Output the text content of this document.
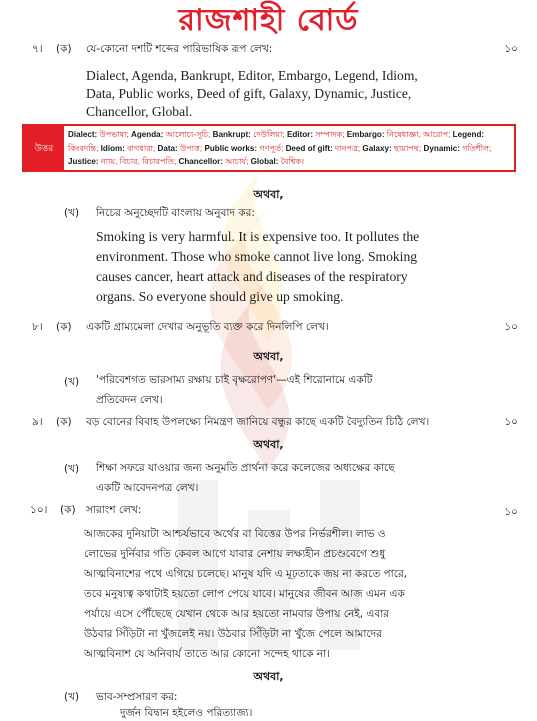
রাজশাহী বোর্ড
৭। (ক) যে-কোনো দশটি শব্দের পারিভাষিক রূপ লেখ:	১০
Dialect, Agenda, Bankrupt, Editor, Embargo, Legend, Idiom,
Data, Public works, Deed of gift, Galaxy, Dynamic, Justice,
Chancellor, Global.
উত্তর
Dialect: উপভাষা; Agenda: আলোচ্য-সূচি; Bankrupt: দেউলিয়া; Editor: সম্পাদক; Embargo: নিষেধাজ্ঞা, আরোপ; Legend: কিংবদন্তি; Idiom: বাগধারা; Data: উপাত্ত; Public works: গণপূর্ত; Deed of gift: দানপত্র; Galaxy: ছায়াপথ; Dynamic: গতিশীল; Justice: ন্যায়, বিচার, বিচারপতি; Chancellor: আচার্য; Global: বৈশ্বিক।
অথবা,
(খ) নিচের অনুচ্ছেদটি বাংলায় অনুবাদ কর:
Smoking is very harmful. It is expensive too. It pollutes the
environment. Those who smoke cannot live long. Smoking
causes cancer, heart attack and diseases of the respiratory
organs. So everyone should give up smoking.
৮। (ক) একটি গ্রাম্যমেলা দেখার অনুভূতি ব্যক্ত করে দিনলিপি লেখ।	১০
অথবা,
(খ) 'পরিবেশগত ভারসাম্য রক্ষায় চাই বৃক্ষরোপণ'—এই শিরোনামে একটি
প্রতিবেদন লেখ।
৯। (ক) বড় বোনের বিবাহ উপলক্ষ্যে নিমন্ত্রণ জানিয়ে বন্ধুর কাছে একটি বৈদ্যুতিন চিঠি লেখ।	১০
অথবা,
(খ) শিক্ষা সফরে যাওয়ার জন্য অনুমতি প্রার্থনা করে কলেজের অধ্যক্ষের কাছে
একটি আবেদনপত্র লেখ।
১০। (ক) সারাংশ লেখ:	১০
আজকের দুনিয়াটা আশ্চর্যভাবে অর্থের বা বিত্তের উপর নির্ভরশীল। লাভ ও
লোভের দুর্নিবার গতি কেবল আগে যাবার নেশায় লক্ষ্যহীন প্রচণ্ডবেগে শুধু
আত্মবিনাশের পথে এগিয়ে চলেছে। মানুষ যদি এ মূঢ়তাকে জয় না করতে পারে,
তবে মনুষ্যত্ব কথাটাই হয়তো লোপ পেয়ে যাবে। মানুষের জীবন আজ এমন এক
পর্যায়ে এসে পৌঁছেছে যেখান থেকে আর হয়তো নামবার উপায় নেই, এবার
উঠবার সিঁড়িটা না খুঁজলেই নয়। উঠবার সিঁড়িটা না খুঁজে পেলে আমাদের
আত্মবিনাশ যে অনিবার্য তাতে আর কোনো সন্দেহ থাকে না।
অথবা,
(খ) ভাব-সম্প্রসারণ কর:
দুর্জন বিদ্বান হইলেও পরিত্যাজ্য।
